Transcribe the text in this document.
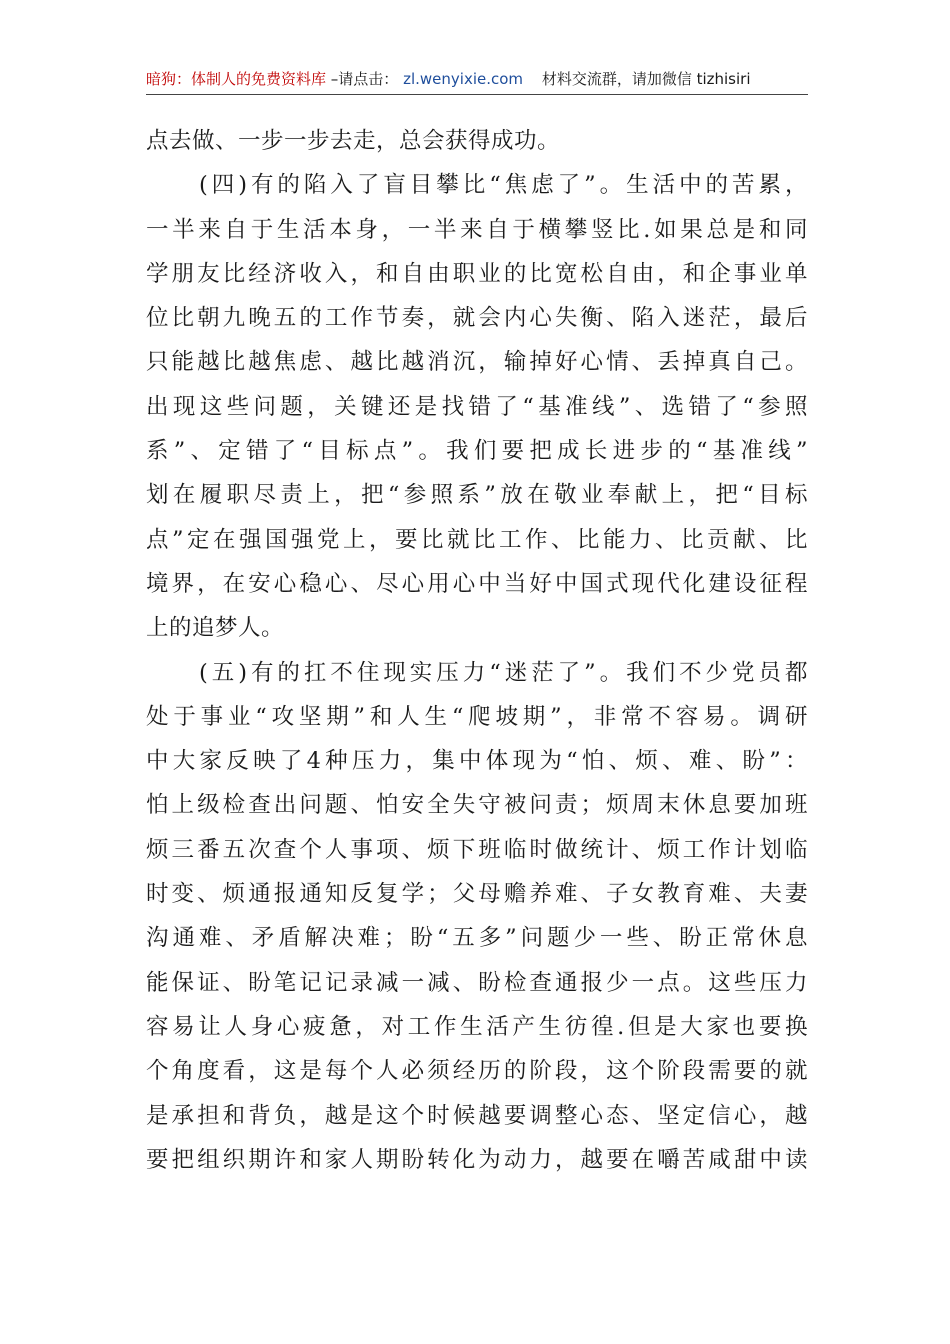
暗狗：体制人的免费资料库 –请点击： zl.wenyixie.com 材料交流群，请加微信 tizhisiri
点去做、一步一步去走，总会获得成功。
　　(四)有的陷入了盲目攀比“焦虑了”。生活中的苦累，
一半来自于生活本身，一半来自于横攀竖比.如果总是和同
学朋友比经济收入，和自由职业的比宽松自由，和企事业单
位比朝九晚五的工作节奏，就会内心失衡、陷入迷茫，最后
只能越比越焦虑、越比越消沉，输掉好心情、丢掉真自己。
出现这些问题，关键还是找错了“基准线”、选错了“参照
系”、定错了“目标点”。我们要把成长进步的“基准线”
划在履职尽责上，把“参照系”放在敬业奉献上，把“目标
点”定在强国强党上，要比就比工作、比能力、比贡献、比
境界，在安心稳心、尽心用心中当好中国式现代化建设征程
上的追梦人。
　　(五)有的扛不住现实压力“迷茫了”。我们不少党员都
处于事业“攻坚期”和人生“爬坡期”，非常不容易。调研
中大家反映了4种压力，集中体现为“怕、烦、难、盼”：
怕上级检查出问题、怕安全失守被问责；烦周末休息要加班
烦三番五次查个人事项、烦下班临时做统计、烦工作计划临
时变、烦通报通知反复学；父母赡养难、子女教育难、夫妻
沟通难、矛盾解决难；盼“五多”问题少一些、盼正常休息
能保证、盼笔记记录减一减、盼检查通报少一点。这些压力
容易让人身心疲惫，对工作生活产生彷徨.但是大家也要换
个角度看，这是每个人必须经历的阶段，这个阶段需要的就
是承担和背负，越是这个时候越要调整心态、坚定信心，越
要把组织期许和家人期盼转化为动力，越要在嚼苦咸甜中读
